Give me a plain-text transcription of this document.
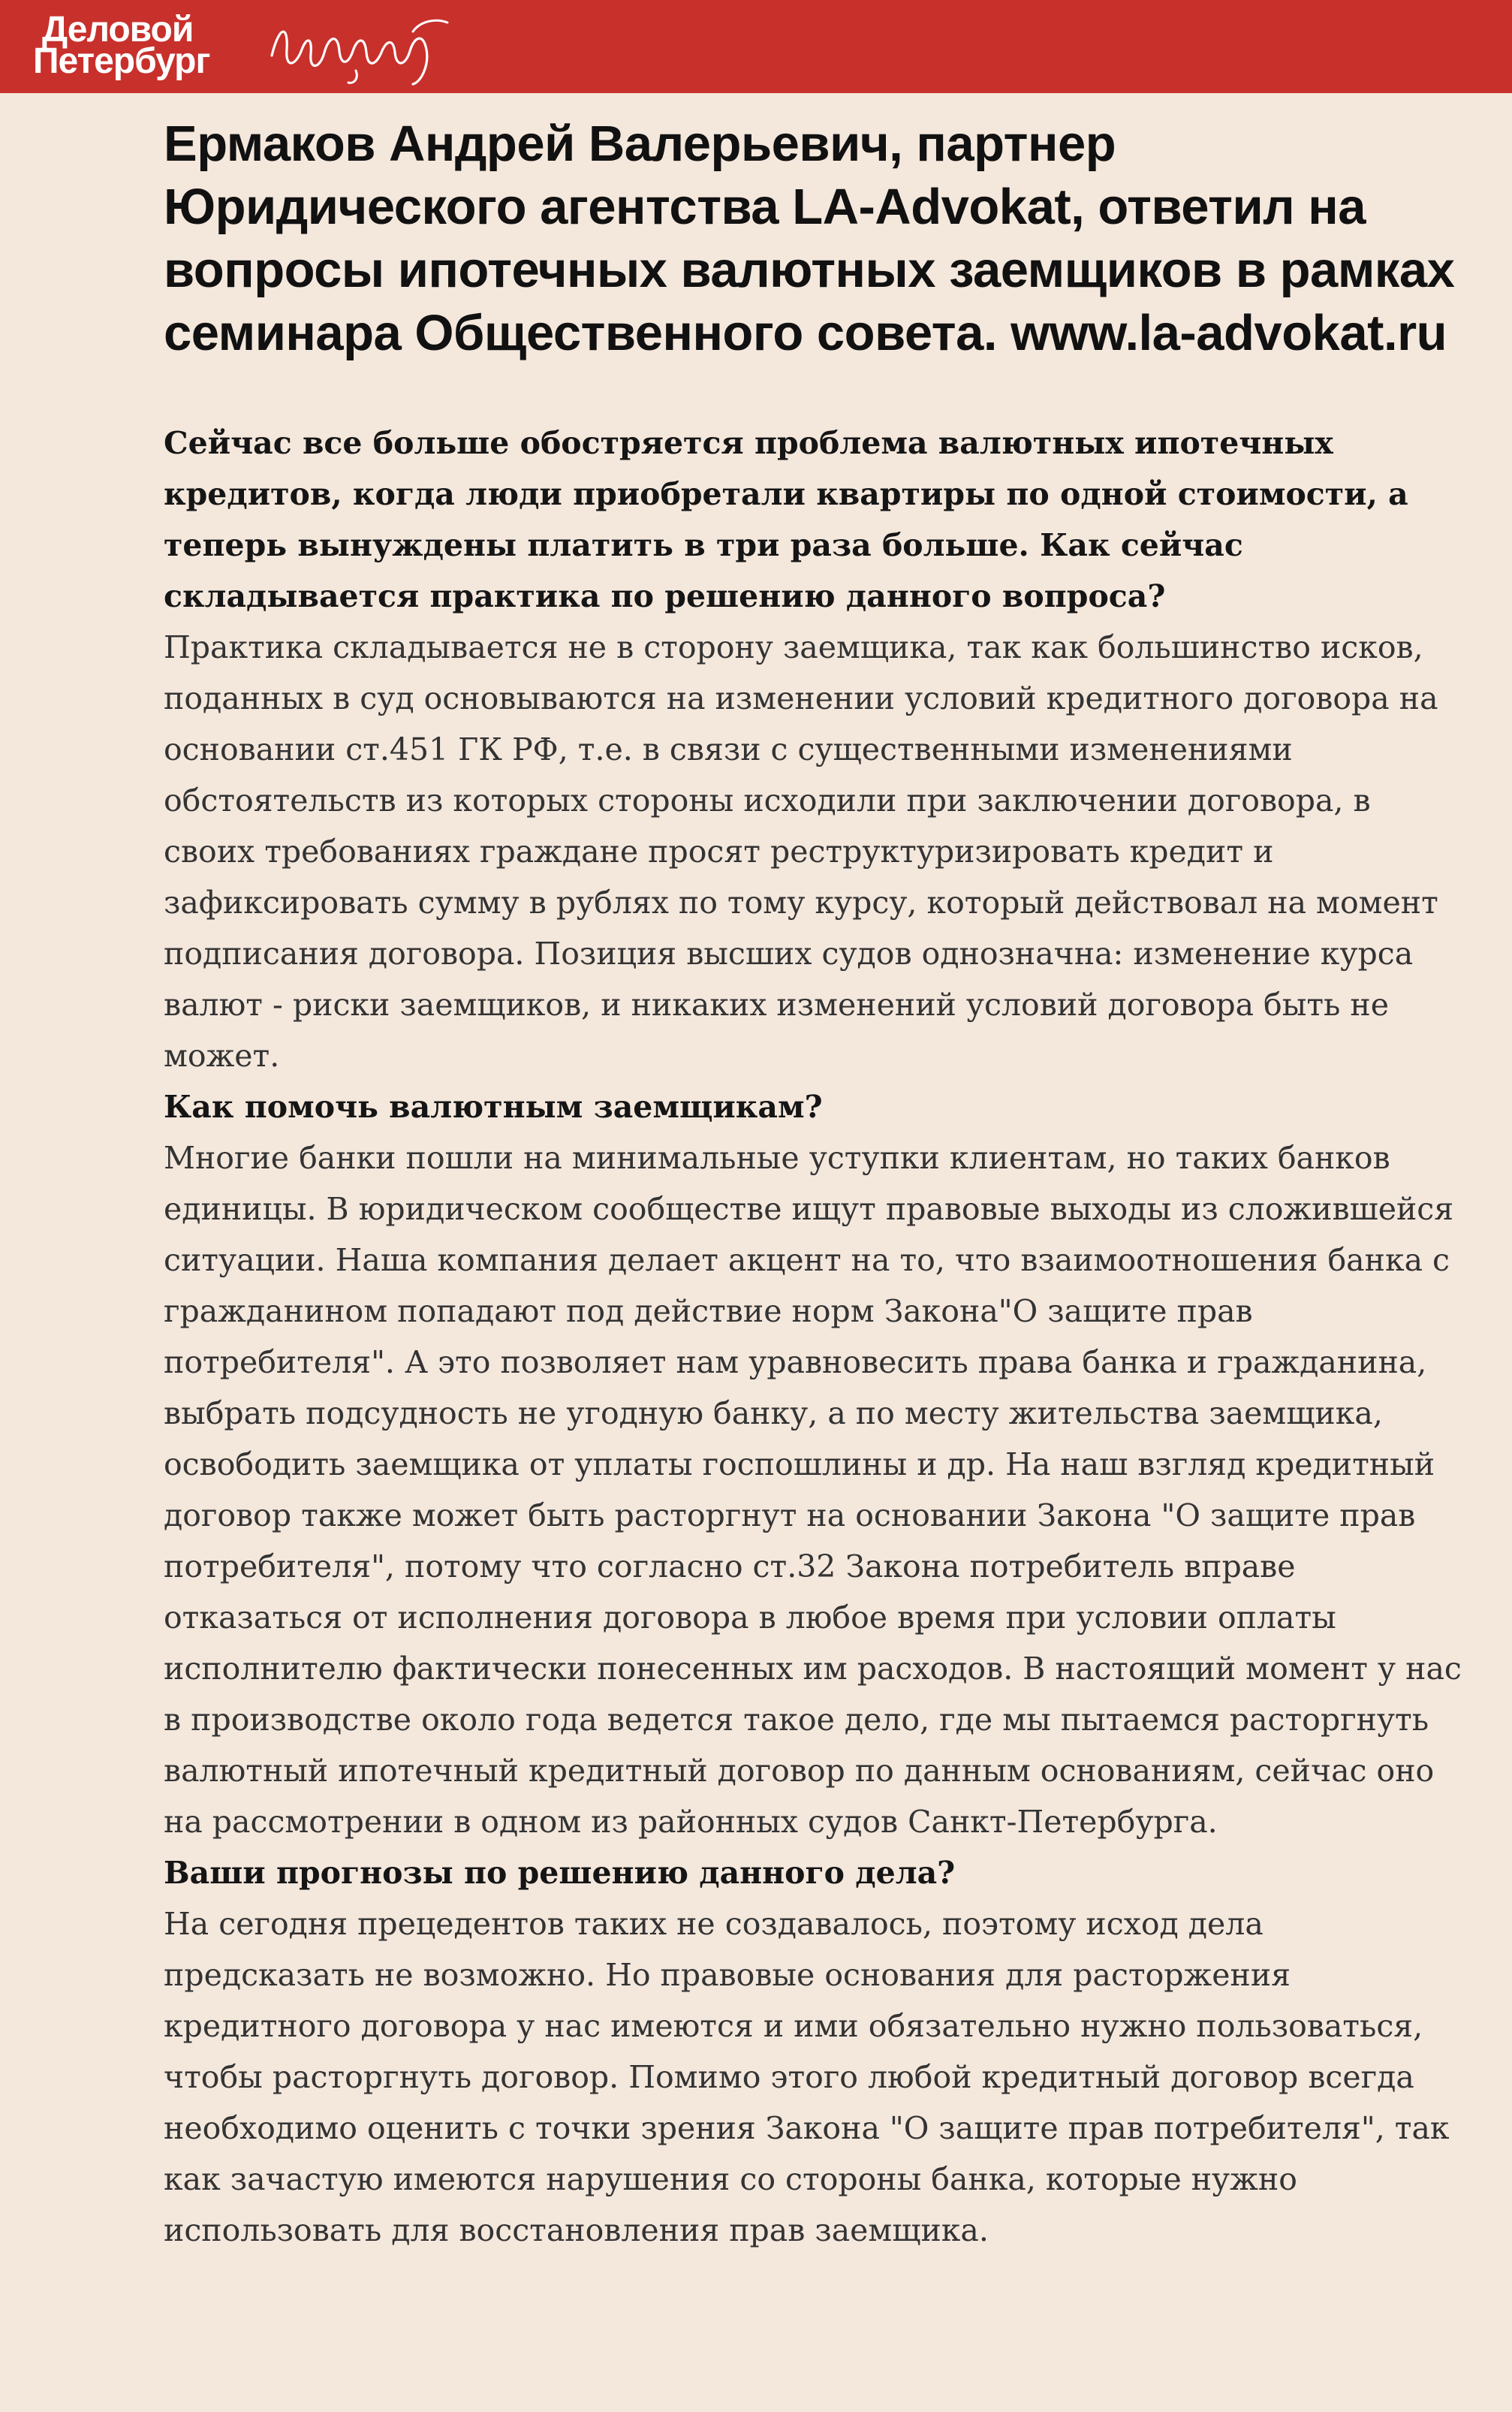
Деловой
Петербург
Ермаков Андрей Валерьевич, партнер Юридического агентства LA-Advokat, ответил на вопросы ипотечных валютных заемщиков в рамках семинара Общественного совета. www.la-advokat.ru

Сейчас все больше обостряется проблема валютных ипотечных кредитов, когда люди приобретали квартиры по одной стоимости, а теперь вынуждены платить в три раза больше. Как сейчас складывается практика по решению данного вопроса?

Практика складывается не в сторону заемщика, так как большинство исков, поданных в суд основываются на изменении условий кредитного договора на основании ст.451 ГК РФ, т.е. в связи с существенными изменениями обстоятельств из которых стороны исходили при заключении договора, в своих требованиях граждане просят реструктуризировать кредит и зафиксировать сумму в рублях по тому курсу, который действовал на момент подписания договора. Позиция высших судов однозначна: изменение курса валют - риски заемщиков, и никаких изменений условий договора быть не может.

Как помочь валютным заемщикам?

Многие банки пошли на минимальные уступки клиентам, но таких банков единицы. В юридическом сообществе ищут правовые выходы из сложившейся ситуации. Наша компания делает акцент на то, что взаимоотношения банка с гражданином попадают под действие норм Закона"О защите прав потребителя". А это позволяет нам уравновесить права банка и гражданина, выбрать подсудность не угодную банку, а по месту жительства заемщика, освободить заемщика от уплаты госпошлины и др. На наш взгляд кредитный договор также может быть расторгнут на основании Закона "О защите прав потребителя", потому что согласно ст.32 Закона потребитель вправе отказаться от исполнения договора в любое время при условии оплаты исполнителю фактически понесенных им расходов. В настоящий момент у нас в производстве около года ведется такое дело, где мы пытаемся расторгнуть валютный ипотечный кредитный договор по данным основаниям, сейчас оно на рассмотрении в одном из районных судов Санкт-Петербурга.

Ваши прогнозы по решению данного дела?

На сегодня прецедентов таких не создавалось, поэтому исход дела предсказать не возможно. Но правовые основания для расторжения кредитного договора у нас имеются и ими обязательно нужно пользоваться, чтобы расторгнуть договор. Помимо этого любой кредитный договор всегда необходимо оценить с точки зрения Закона "О защите прав потребителя", так как зачастую имеются нарушения со стороны банка, которые нужно использовать для восстановления прав заемщика.
